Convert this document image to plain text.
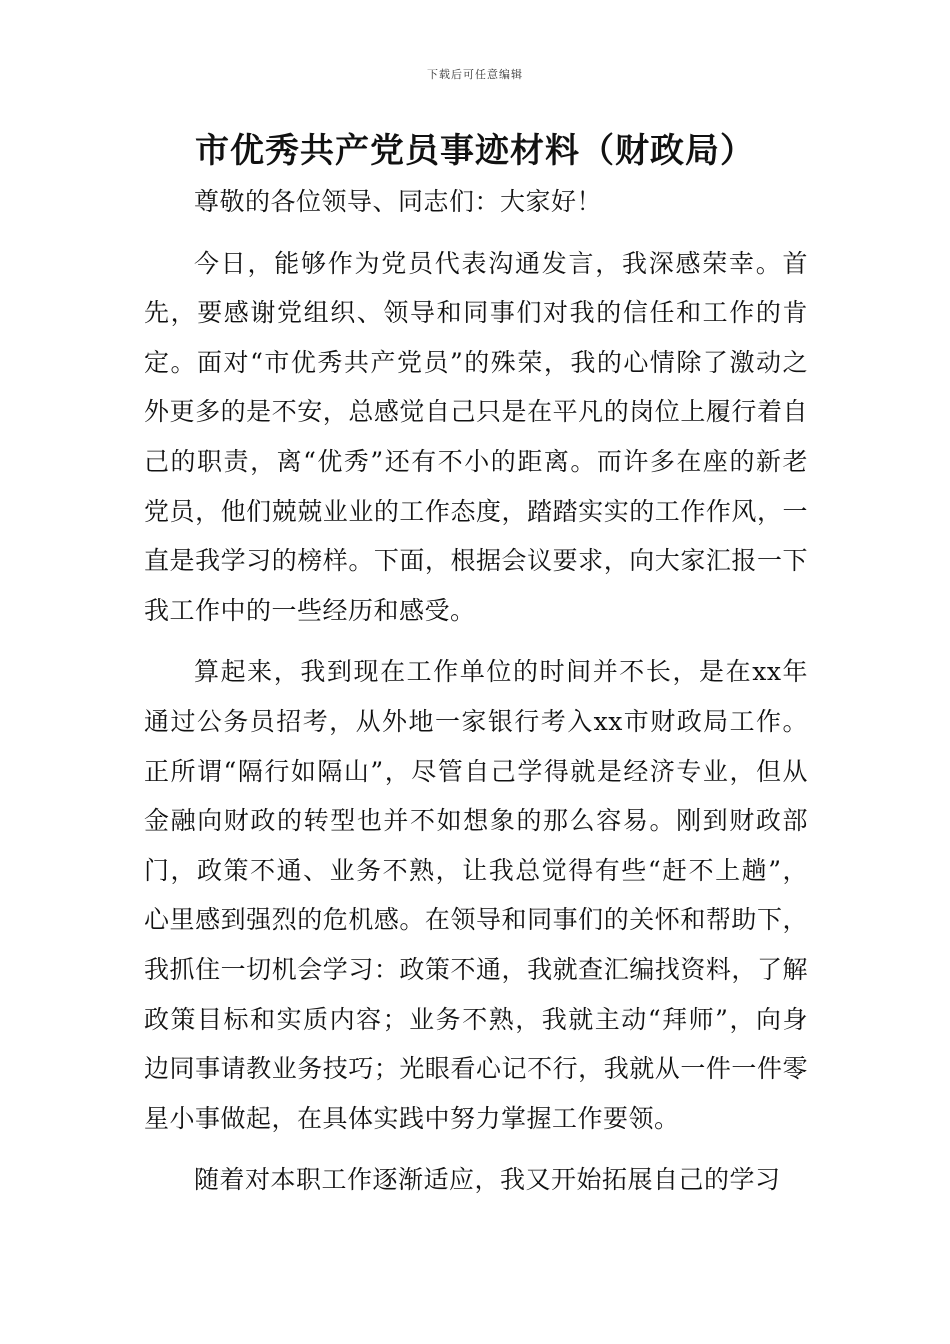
下载后可任意编辑
市优秀共产党员事迹材料（财政局）

尊敬的各位领导、同志们：大家好！

今日，能够作为党员代表沟通发言，我深感荣幸。首先，要感谢党组织、领导和同事们对我的信任和工作的肯定。面对“市优秀共产党员”的殊荣，我的心情除了激动之外更多的是不安，总感觉自己只是在平凡的岗位上履行着自己的职责，离“优秀”还有不小的距离。而许多在座的新老党员，他们兢兢业业的工作态度，踏踏实实的工作作风，一直是我学习的榜样。下面，根据会议要求，向大家汇报一下我工作中的一些经历和感受。

算起来，我到现在工作单位的时间并不长，是在xx年通过公务员招考，从外地一家银行考入xx市财政局工作。正所谓“隔行如隔山”，尽管自己学得就是经济专业，但从金融向财政的转型也并不如想象的那么容易。刚到财政部门，政策不通、业务不熟，让我总觉得有些“赶不上趟”，心里感到强烈的危机感。在领导和同事们的关怀和帮助下，我抓住一切机会学习：政策不通，我就查汇编找资料，了解政策目标和实质内容；业务不熟，我就主动“拜师”，向身边同事请教业务技巧；光眼看心记不行，我就从一件一件零星小事做起，在具体实践中努力掌握工作要领。

随着对本职工作逐渐适应，我又开始拓展自己的学习
